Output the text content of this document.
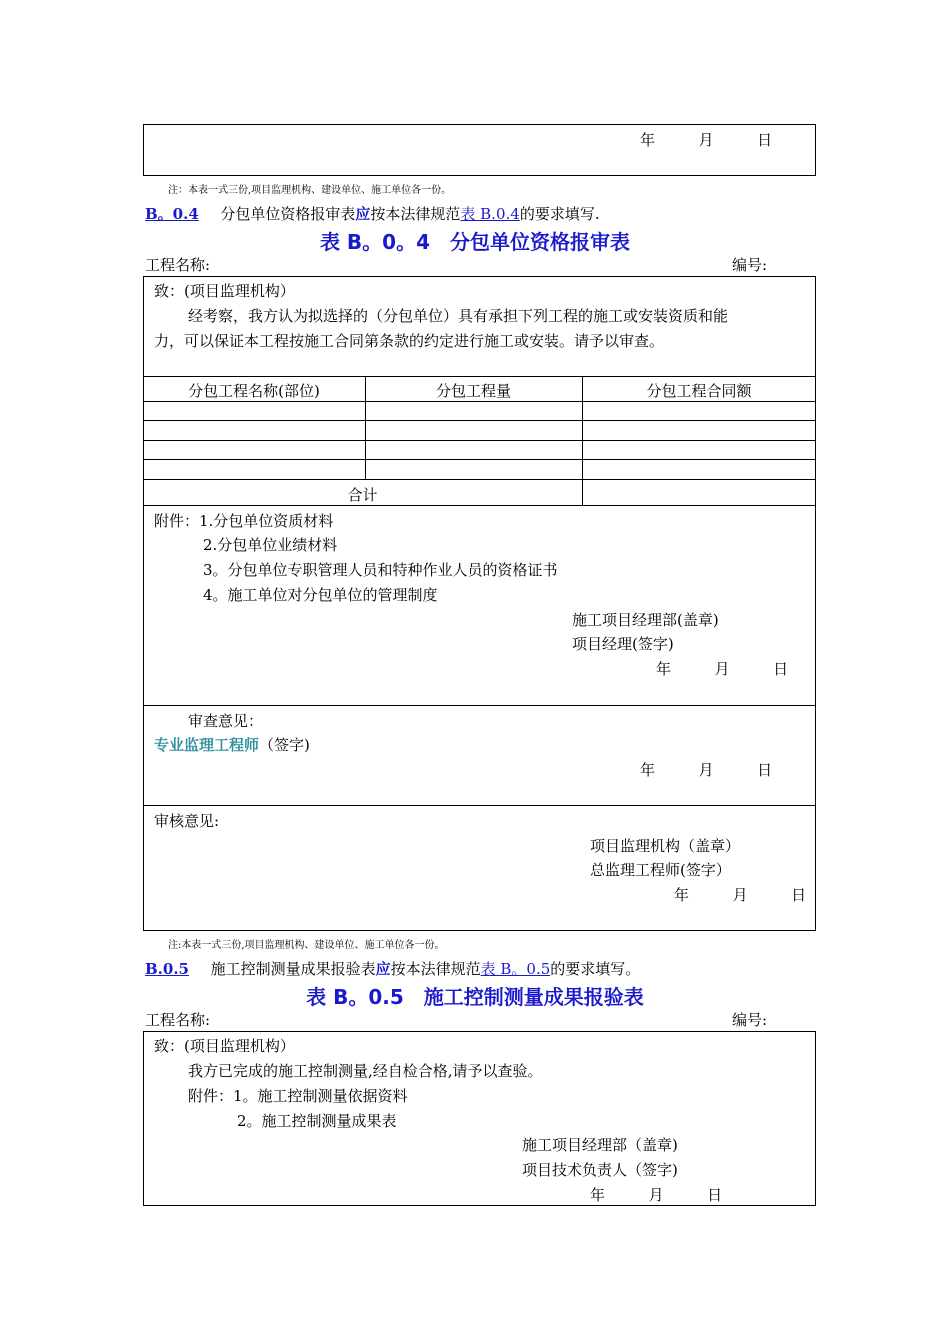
年	月	日
注：本表一式三份,项目监理机构、建设单位、施工单位各一份。
B。0.4 分包单位资格报审表应按本法律规范表 B.0.4的要求填写.
表 B。0。4　分包单位资格报审表
工程名称:	编号:
致：(项目监理机构）
经考察，我方认为拟选择的（分包单位）具有承担下列工程的施工或安装资质和能
力，可以保证本工程按施工合同第条款的约定进行施工或安装。请予以审查。
分包工程名称(部位)	分包工程量	分包工程合同额
合计
附件：1.分包单位资质材料
2.分包单位业绩材料
3。分包单位专职管理人员和特种作业人员的资格证书
4。施工单位对分包单位的管理制度
施工项目经理部(盖章)
项目经理(签字)
年	月	日
审查意见：
专业监理工程师（签字)
年	月	日
审核意见:
项目监理机构（盖章）
总监理工程师(签字）
年	月	日
注:本表一式三份,项目监理机构、建设单位、施工单位各一份。
B.0.5 施工控制测量成果报验表应按本法律规范表 B。0.5的要求填写。
表 B。0.5　施工控制测量成果报验表
工程名称:	编号:
致：(项目监理机构）
我方已完成的施工控制测量,经自检合格,请予以查验。
附件：1。施工控制测量依据资料
2。施工控制测量成果表
施工项目经理部（盖章)
项目技术负责人（签字)
年	月	日
